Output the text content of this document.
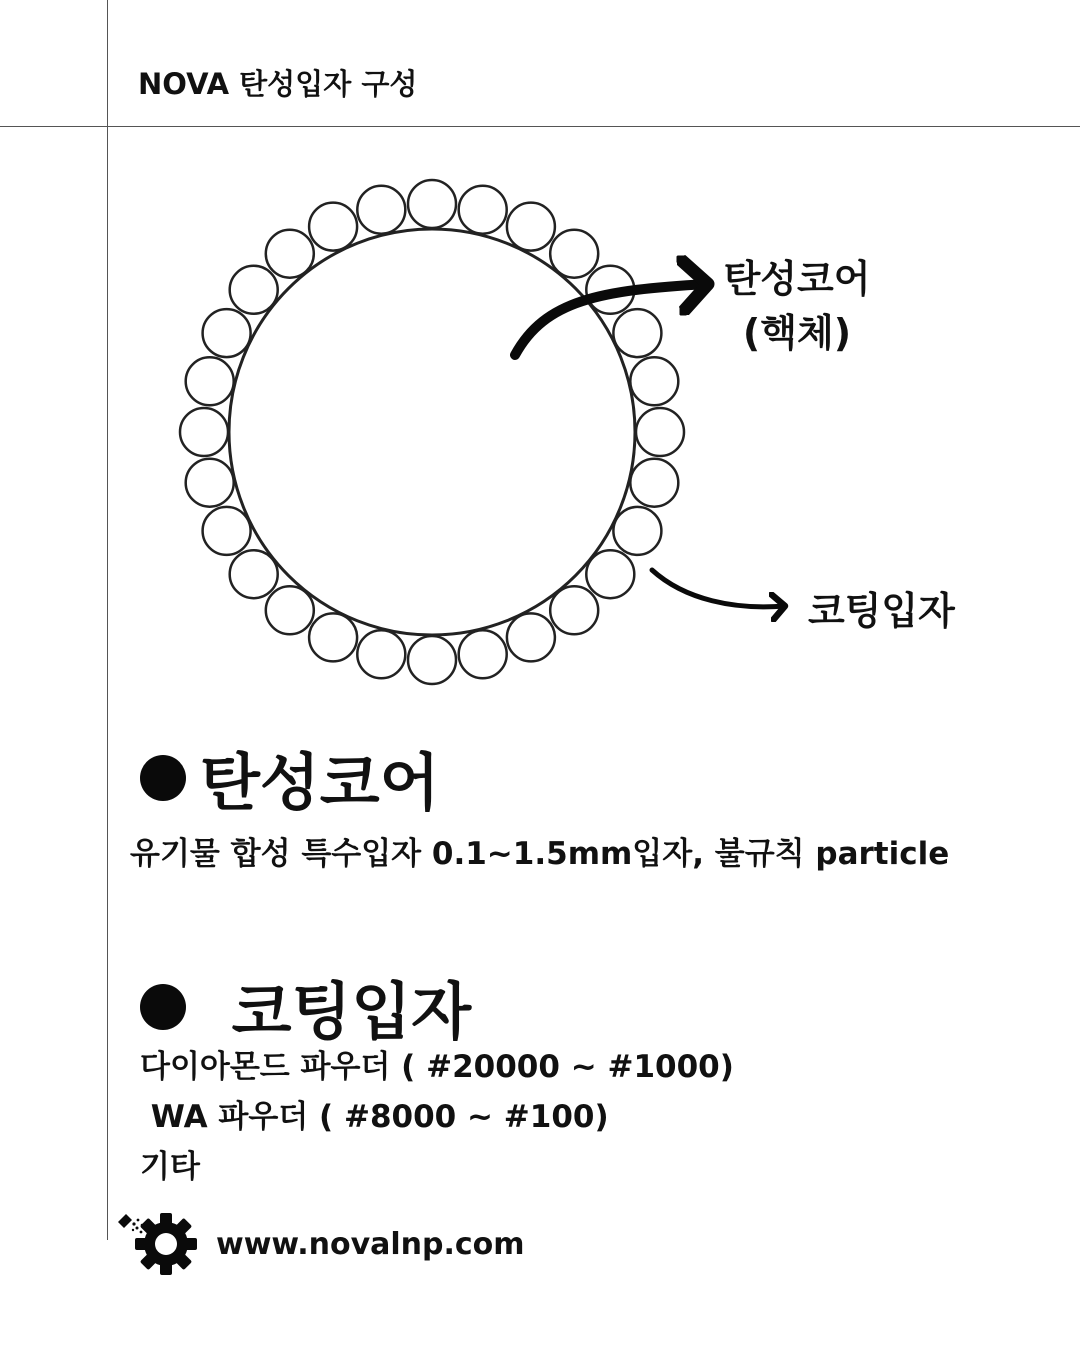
NOVA 탄성입자 구성
탄성코어
(핵체)
코팅입자
탄성코어
유기물 합성 특수입자 0.1~1.5mm입자, 불규칙 particle
코팅입자
다이아몬드 파우더 ( #20000 ~ #1000)
WA 파우더 ( #8000 ~ #100)
기타
www.novalnp.com
